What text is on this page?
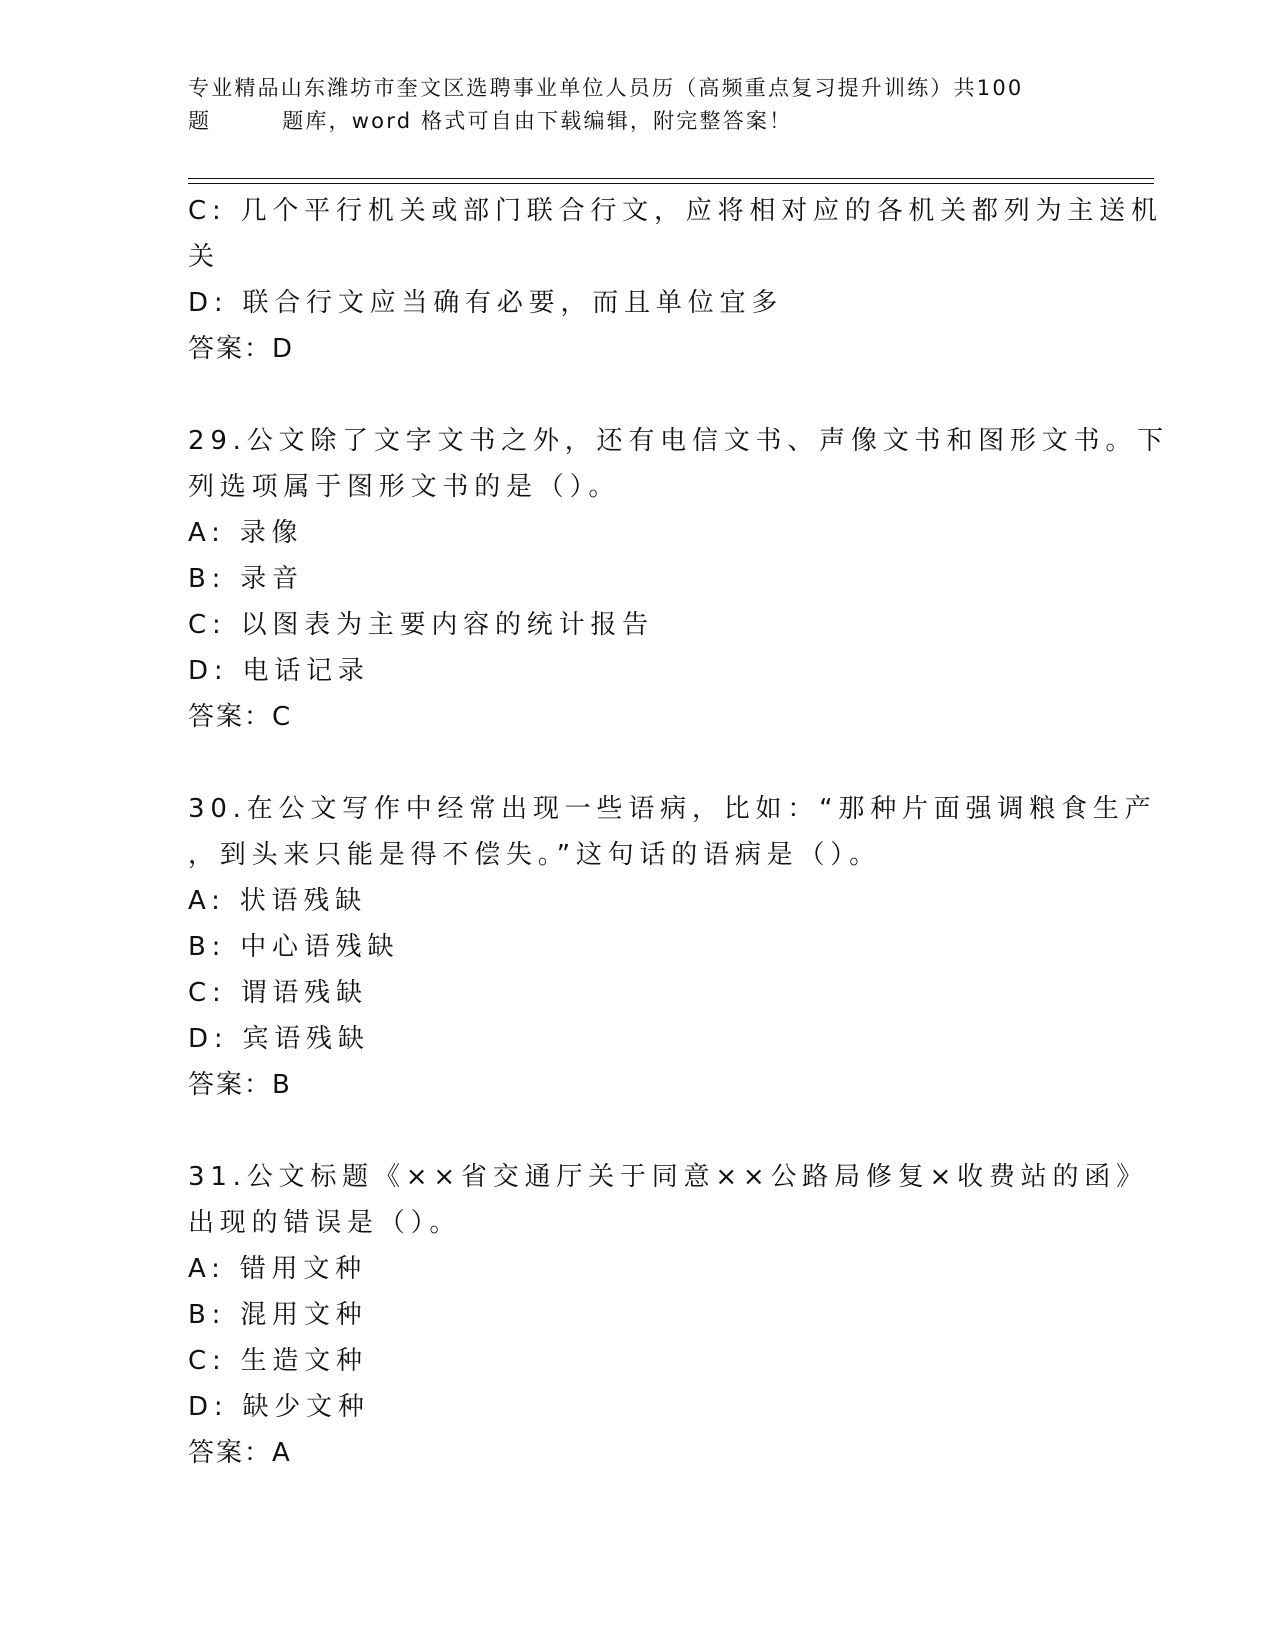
专业精品山东潍坊市奎文区选聘事业单位人员历（高频重点复习提升训练）共100
题        题库，word 格式可自由下载编辑，附完整答案！
C: 几个平行机关或部门联合行文，应将相对应的各机关都列为主送机
关
D: 联合行文应当确有必要，而且单位宜多
答案：D
29.公文除了文字文书之外，还有电信文书、声像文书和图形文书。下
列选项属于图形文书的是（）。
A: 录像
B: 录音
C: 以图表为主要内容的统计报告
D: 电话记录
答案：C
30.在公文写作中经常出现一些语病，比如：“那种片面强调粮食生产
，到头来只能是得不偿失。”这句话的语病是（）。
A: 状语残缺
B: 中心语残缺
C: 谓语残缺
D: 宾语残缺
答案：B
31.公文标题《××省交通厅关于同意××公路局修复×收费站的函》
出现的错误是（）。
A: 错用文种
B: 混用文种
C: 生造文种
D: 缺少文种
答案：A
